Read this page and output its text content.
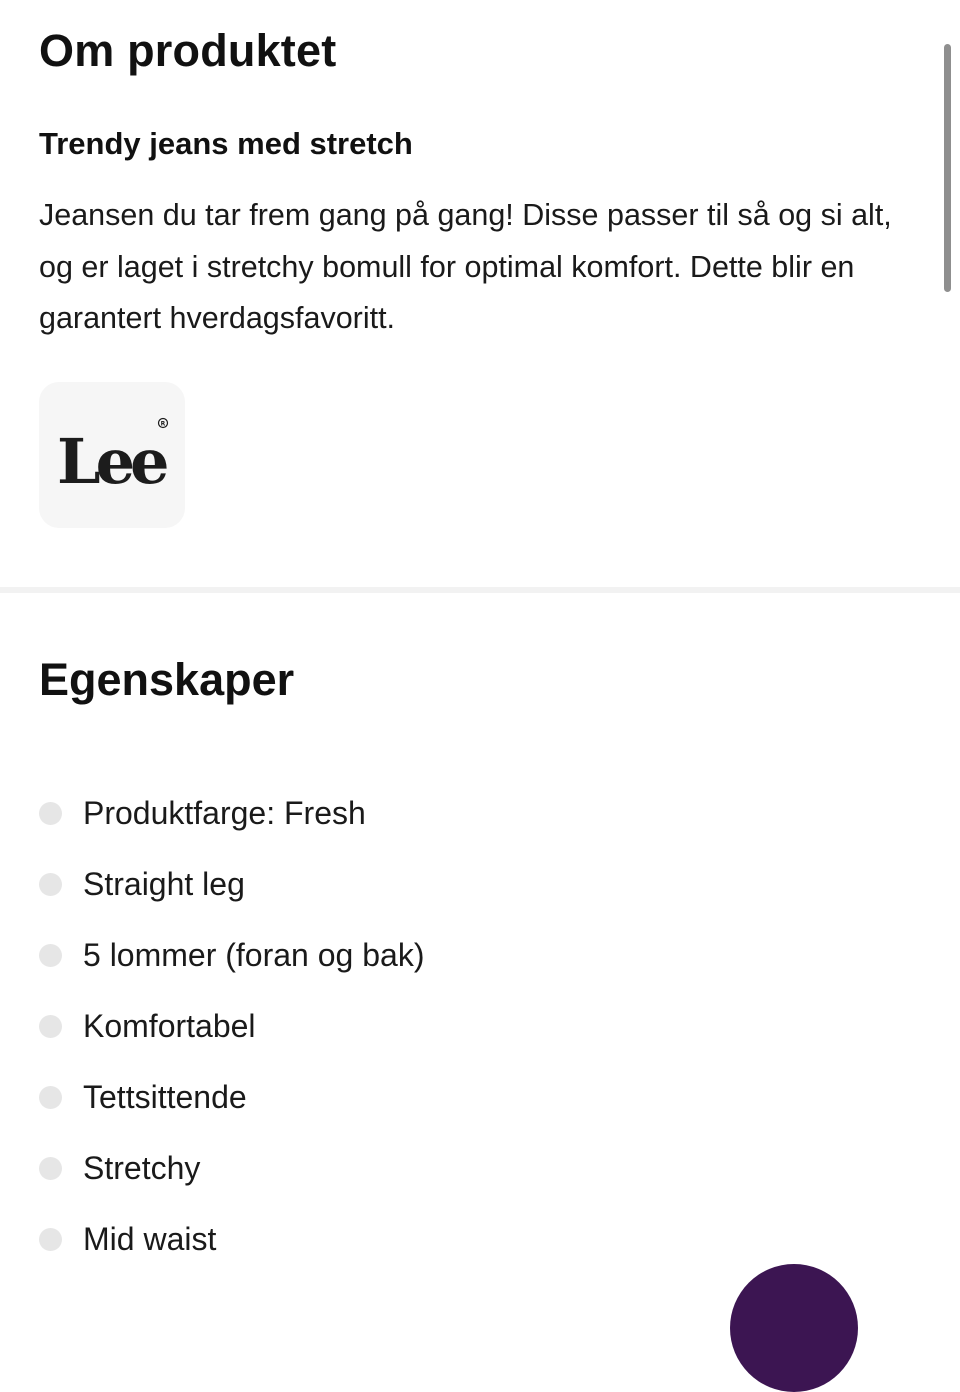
Om produktet
Trendy jeans med stretch

Jeansen du tar frem gang på gang! Disse passer til så og si alt, og er laget i stretchy bomull for optimal komfort. Dette blir en garantert hverdagsfavoritt.

Lee
R
Egenskaper
Produktfarge: Fresh
Straight leg
5 lommer (foran og bak)
Komfortabel
Tettsittende
Stretchy
Mid waist
